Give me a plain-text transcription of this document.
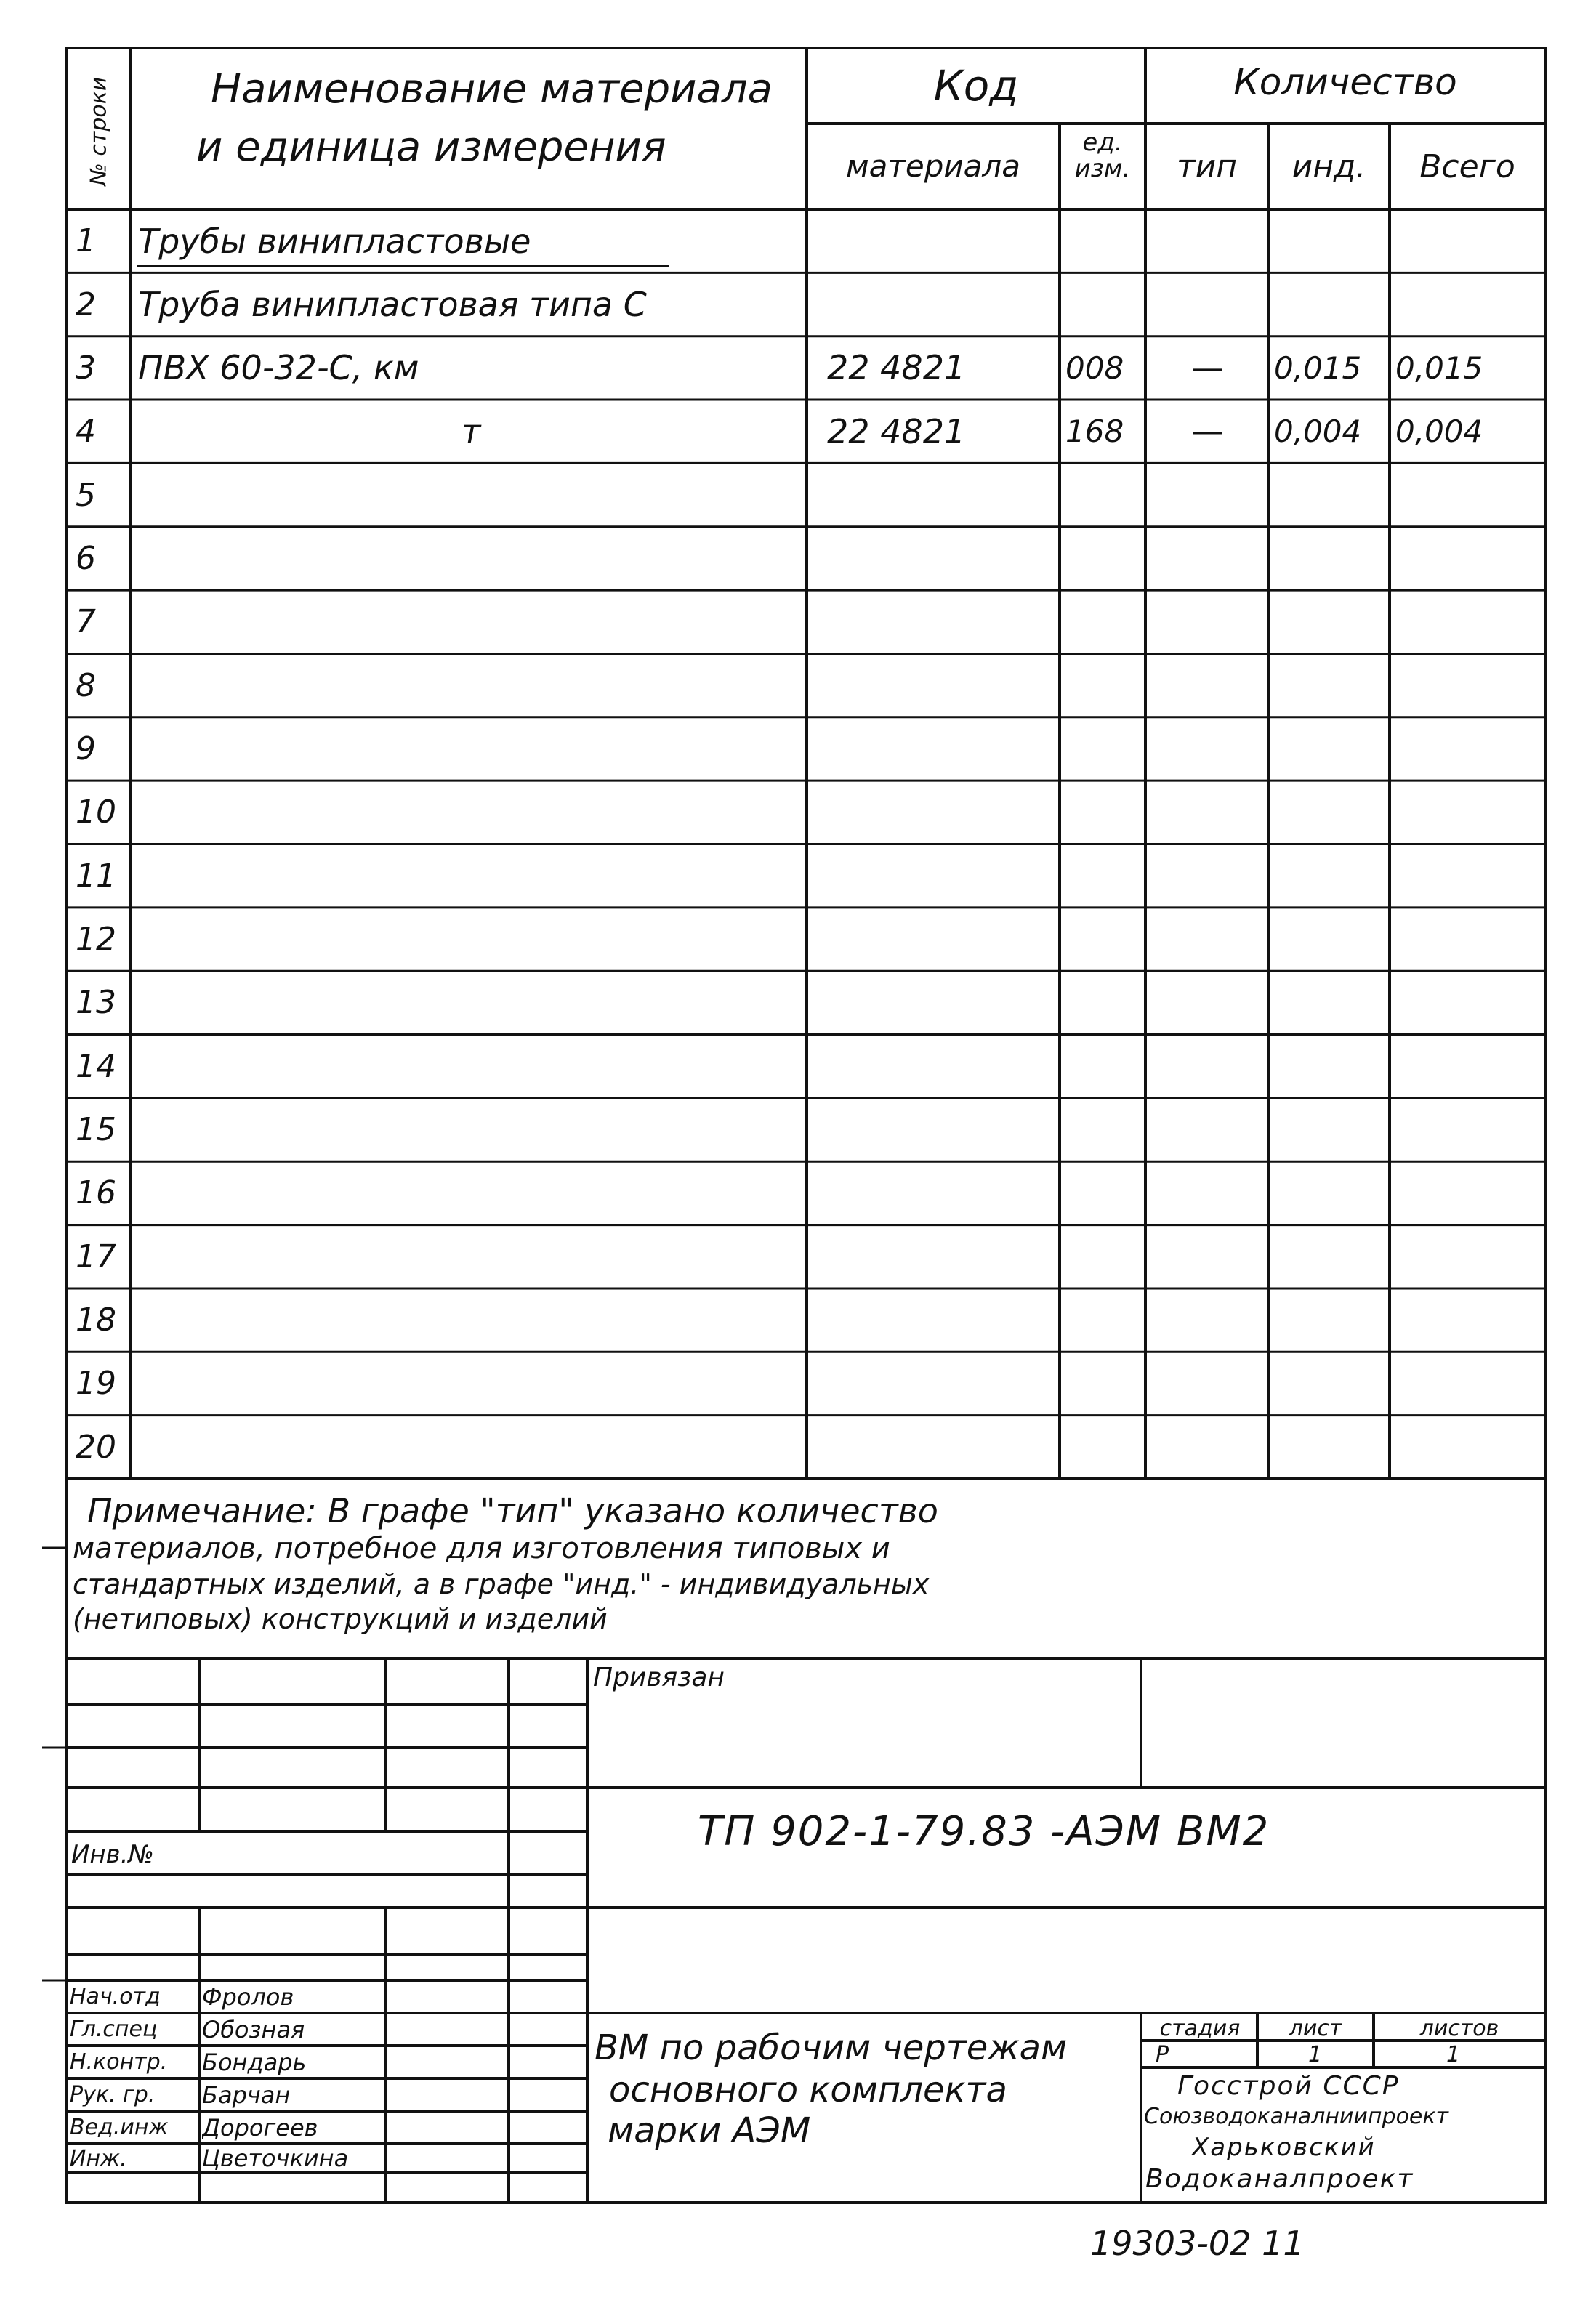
№ строки Наименование материала
и единица измерения
Код	Количество
материала
ед. изм.	тип	инд.	Всего
1	Трубы винипластовые
2	Труба винипластовая типа С
3	ПВХ 60-32-С, км	22 4821	008	—	0,015	0,015
4	т	22 4821	168	—	0,004	0,004
5
6
7
8
9
10
11
12
13
14
15
16
17
18
19
20
Примечание: В графе "тип" указано количество
материалов, потребное для изготовления типовых и
стандартных изделий, а в графе "инд." - индивидуальных
(нетиповых) конструкций и изделий
Привязан
Инв.№	ТП 902-1-79.83 -АЭМ ВМ2
ВМ по рабочим чертежам
основного комплекта
марки АЭМ
стадия	лист	листов
Р	1	1
Госстрой СССР
Союзводоканалниипроект
Харьковский
Водоканалпроект
Нач.отд	Фролов
Гл.спец	Обозная
Н.контр.	Бондарь
Рук. гр.	Барчан
Вед.инж	Дорогеев
Инж.	Цветочкина
19303-02 11
